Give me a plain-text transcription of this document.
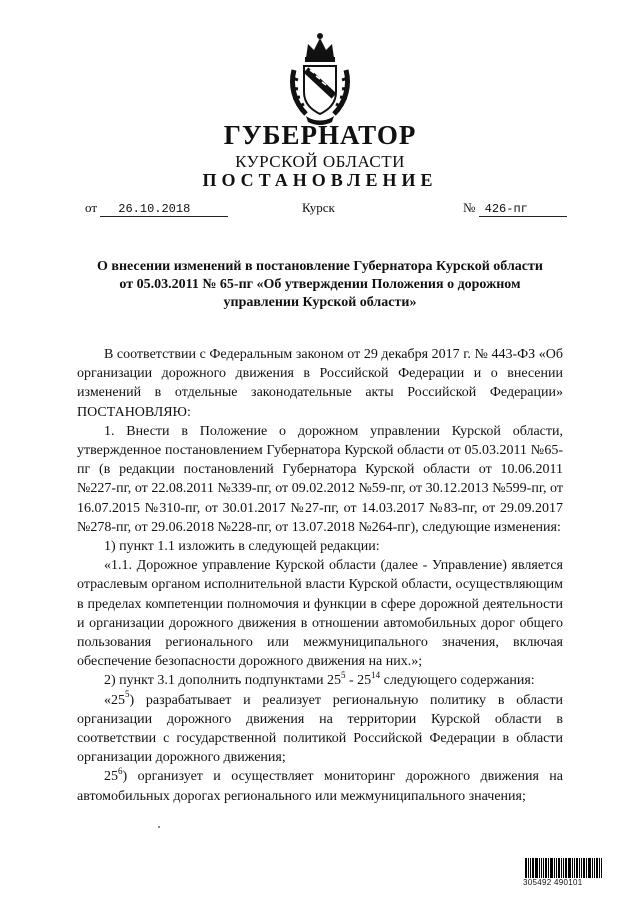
ГУБЕРНАТОР
КУРСКОЙ ОБЛАСТИ
ПОСТАНОВЛЕНИЕ
от 26.10.2018	Курск	№ 426-пг
О внесении изменений в постановление Губернатора Курской области
от 05.03.2011 № 65-пг «Об утверждении Положения о дорожном
управлении Курской области»

В соответствии с Федеральным законом от 29 декабря 2017 г. № 443-ФЗ «Об организации дорожного движения в Российской Федерации и о внесении изменений в отдельные законодательные акты Российской Федерации» ПОСТАНОВЛЯЮ:

1. Внести в Положение о дорожном управлении Курской области, утвержденное постановлением Губернатора Курской области от 05.03.2011 №65-пг (в редакции постановлений Губернатора Курской области от 10.06.2011 №227-пг, от 22.08.2011 №339-пг, от 09.02.2012 №59-пг, от 30.12.2013 №599-пг, от 16.07.2015 №310-пг, от 30.01.2017 №27-пг, от 14.03.2017 №83-пг, от 29.09.2017 №278-пг, от 29.06.2018 №228-пг, от 13.07.2018 №264-пг), следующие изменения:

1) пункт 1.1 изложить в следующей редакции:

«1.1. Дорожное управление Курской области (далее - Управление) является отраслевым органом исполнительной власти Курской области, осуществляющим в пределах компетенции полномочия и функции в сфере дорожной деятельности и организации дорожного движения в отношении автомобильных дорог общего пользования регионального или межмуниципального значения, включая обеспечение безопасности дорожного движения на них.»;

2) пункт 3.1 дополнить подпунктами $25^5 - 25^{14}$ следующего содержания:

«$25^5$) разрабатывает и реализует региональную политику в области организации дорожного движения на территории Курской области в соответствии с государственной политикой Российской Федерации в области организации дорожного движения;

$25^6$) организует и осуществляет мониторинг дорожного движения на автомобильных дорогах регионального или межмуниципального значения;

305492 490101
